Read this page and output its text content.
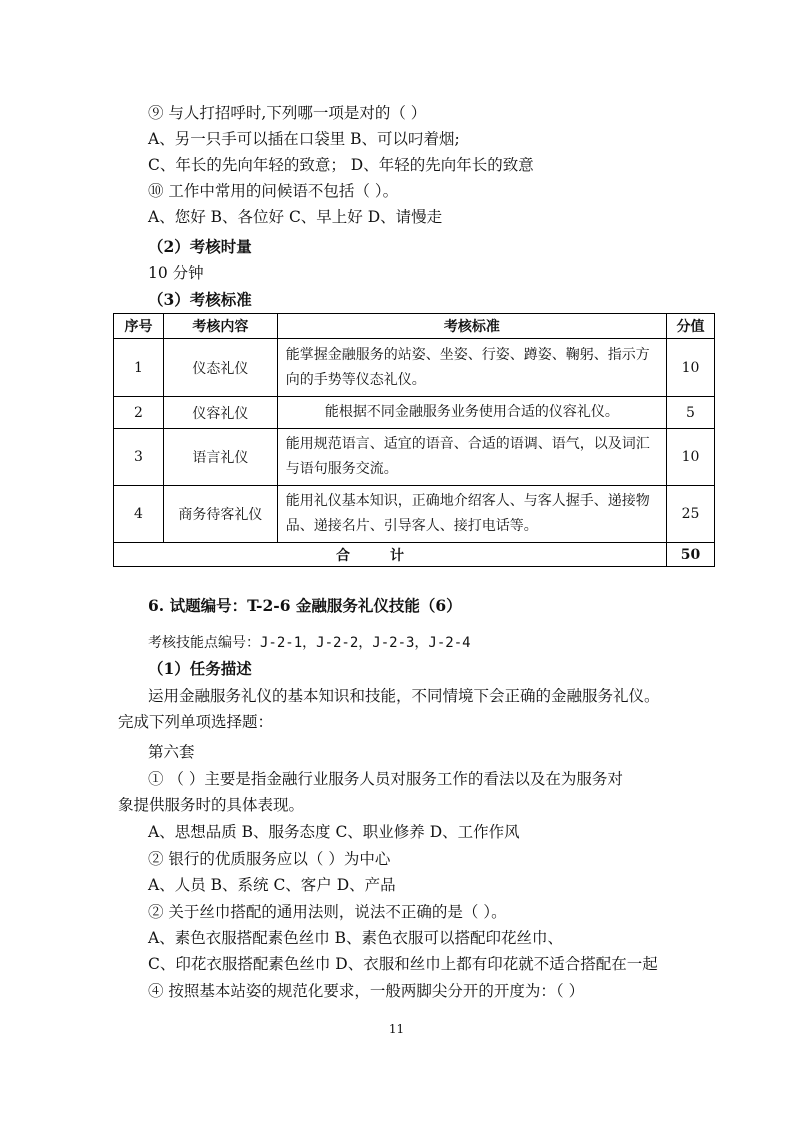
⑨ 与人打招呼时,下列哪一项是对的（ ）
A、另一只手可以插在口袋里 B、可以叼着烟;
C、年长的先向年轻的致意； D、年轻的先向年长的致意
⑩ 工作中常用的问候语不包括（ ）。
A、您好 B、各位好 C、早上好 D、请慢走
（2）考核时量
10 分钟
（3）考核标准
序号	考核内容	考核标准	分值
1	仪态礼仪	能掌握金融服务的站姿、坐姿、行姿、蹲姿、鞠躬、指示方向的手势等仪态礼仪。	10
2	仪容礼仪	能根据不同金融服务业务使用合适的仪容礼仪。	5
3	语言礼仪	能用规范语言、适宜的语音、合适的语调、语气，以及词汇与语句服务交流。	10
4	商务待客礼仪	能用礼仪基本知识，正确地介绍客人、与客人握手、递接物品、递接名片、引导客人、接打电话等。	25
合计			50
6. 试题编号：T-2-6 金融服务礼仪技能（6）
考核技能点编号：J-2-1，J-2-2，J-2-3，J-2-4
（1）任务描述
运用金融服务礼仪的基本知识和技能，不同情境下会正确的金融服务礼仪。
完成下列单项选择题：
第六套
① （ ）主要是指金融行业服务人员对服务工作的看法以及在为服务对
象提供服务时的具体表现。
A、思想品质 B、服务态度 C、职业修养 D、工作作风
② 银行的优质服务应以（ ）为中心
A、人员 B、系统 C、客户 D、产品
② 关于丝巾搭配的通用法则，说法不正确的是（ ）。
A、素色衣服搭配素色丝巾 B、素色衣服可以搭配印花丝巾、
C、印花衣服搭配素色丝巾 D、衣服和丝巾上都有印花就不适合搭配在一起
④ 按照基本站姿的规范化要求，一般两脚尖分开的开度为：（ ）
11
